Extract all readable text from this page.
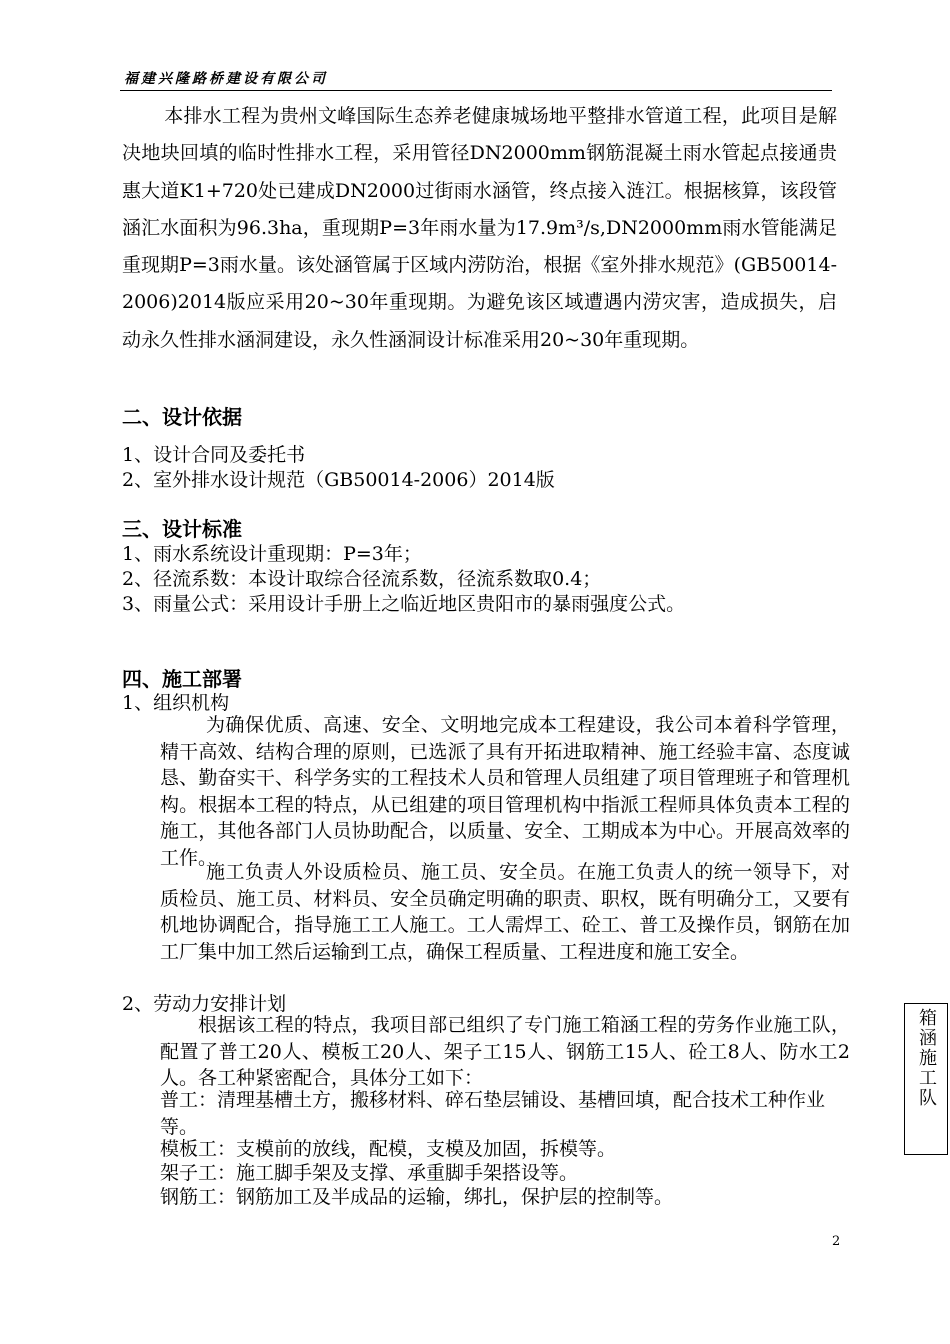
福建兴隆路桥建设有限公司

本排水工程为贵州文峰国际生态养老健康城场地平整排水管道工程，此项目是解决地块回填的临时性排水工程，采用管径DN2000mm钢筋混凝土雨水管起点接通贵惠大道K1+720处已建成DN2000过街雨水涵管，终点接入涟江。根据核算，该段管涵汇水面积为96.3ha，重现期P=3年雨水量为17.9m³/s,DN2000mm雨水管能满足重现期P=3雨水量。该处涵管属于区域内涝防治，根据《室外排水规范》(GB50014-2006)2014版应采用20~30年重现期。为避免该区域遭遇内涝灾害，造成损失，启动永久性排水涵洞建设，永久性涵洞设计标准采用20~30年重现期。

二、设计依据

1、设计合同及委托书

2、室外排水设计规范（GB50014-2006）2014版

三、设计标准

1、雨水系统设计重现期：P=3年；

2、径流系数：本设计取综合径流系数，径流系数取0.4；

3、雨量公式：采用设计手册上之临近地区贵阳市的暴雨强度公式。

四、施工部署

1、组织机构

为确保优质、高速、安全、文明地完成本工程建设，我公司本着科学管理，精干高效、结构合理的原则，已选派了具有开拓进取精神、施工经验丰富、态度诚恳、勤奋实干、科学务实的工程技术人员和管理人员组建了项目管理班子和管理机构。根据本工程的特点，从已组建的项目管理机构中指派工程师具体负责本工程的施工，其他各部门人员协助配合，以质量、安全、工期成本为中心。开展高效率的工作。

施工负责人外设质检员、施工员、安全员。在施工负责人的统一领导下，对质检员、施工员、材料员、安全员确定明确的职责、职权，既有明确分工，又要有机地协调配合，指导施工工人施工。工人需焊工、砼工、普工及操作员，钢筋在加工厂集中加工然后运输到工点，确保工程质量、工程进度和施工安全。

2、劳动力安排计划

根据该工程的特点，我项目部已组织了专门施工箱涵工程的劳务作业施工队，配置了普工20人、模板工20人、架子工15人、钢筋工15人、砼工8人、防水工2人。各工种紧密配合，具体分工如下：

普工：清理基槽土方，搬移材料、碎石垫层铺设、基槽回填，配合技术工种作业等。

模板工：支模前的放线，配模，支模及加固，拆模等。

架子工：施工脚手架及支撑、承重脚手架搭设等。

钢筋工：钢筋加工及半成品的运输，绑扎，保护层的控制等。

箱涵施工队
2
